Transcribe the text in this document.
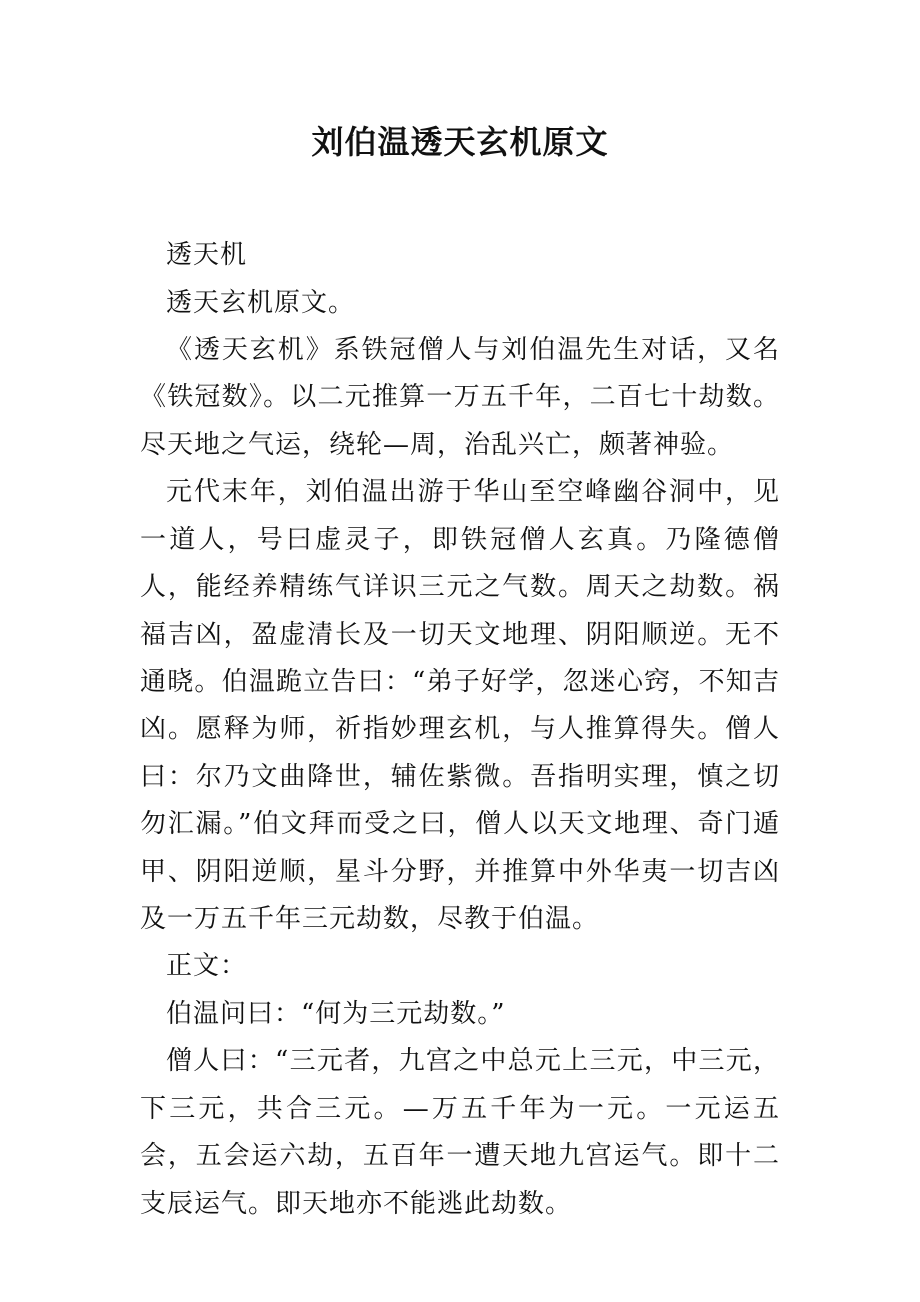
刘伯温透天玄机原文

透天机

透天玄机原文。

《透天玄机》系铁冠僧人与刘伯温先生对话，又名《铁冠数》。以二元推算一万五千年，二百七十劫数。尽天地之气运，绕轮—周，治乱兴亡，颇著神验。

元代末年，刘伯温出游于华山至空峰幽谷洞中，见一道人，号曰虚灵子，即铁冠僧人玄真。乃隆德僧人，能经养精练气详识三元之气数。周天之劫数。祸福吉凶，盈虚清长及一切天文地理、阴阳顺逆。无不通晓。伯温跪立告曰：“弟子好学，忽迷心窍，不知吉凶。愿释为师，祈指妙理玄机，与人推算得失。僧人曰：尔乃文曲降世，辅佐紫微。吾指明实理，慎之切勿汇漏。”伯文拜而受之曰，僧人以天文地理、奇门遁甲、阴阳逆顺，星斗分野，并推算中外华夷一切吉凶及一万五千年三元劫数，尽教于伯温。

正文：

伯温问曰：“何为三元劫数。”

僧人曰：“三元者，九宫之中总元上三元，中三元，下三元，共合三元。—万五千年为一元。一元运五会，五会运六劫，五百年一遭天地九宫运气。即十二支辰运气。即天地亦不能逃此劫数。
